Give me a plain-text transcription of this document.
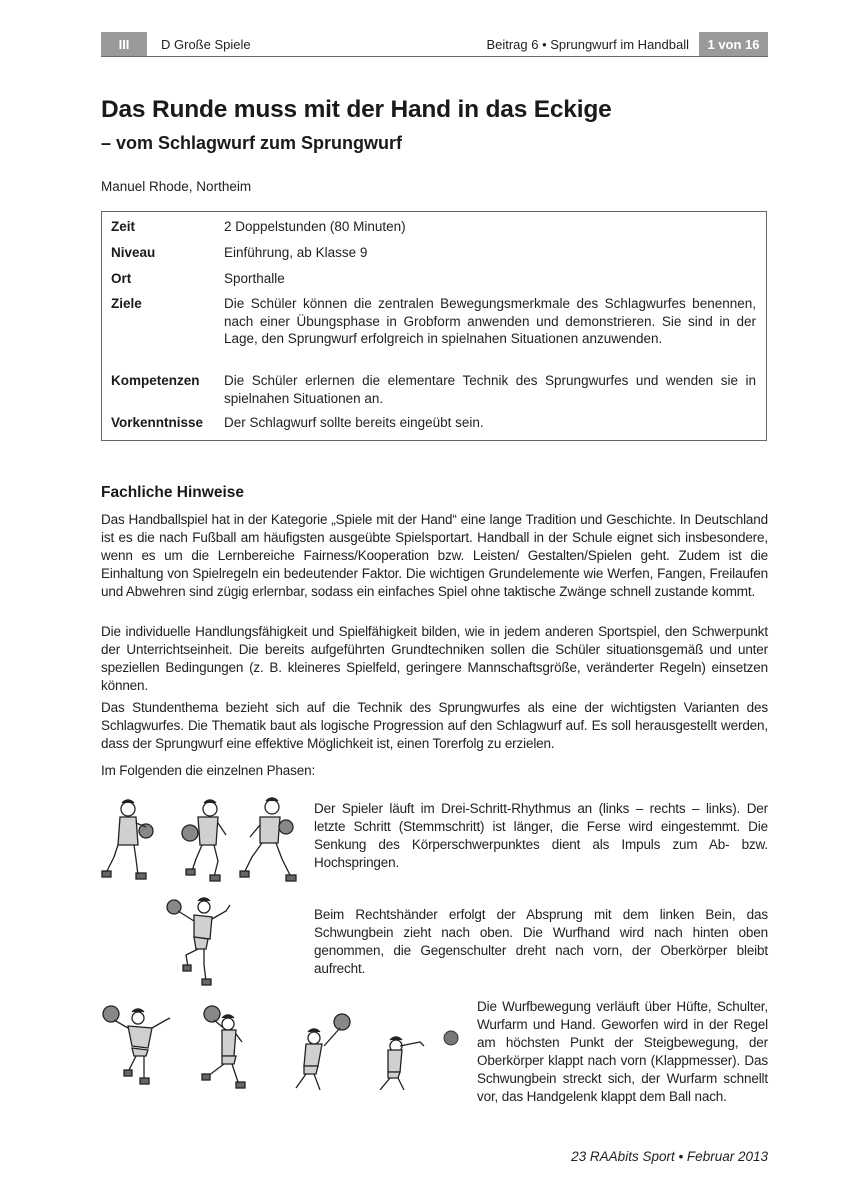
III	D Große Spiele	Beitrag 6 • Sprungwurf im Handball	1 von 16
Das Runde muss mit der Hand in das Eckige
– vom Schlagwurf zum Sprungwurf
Manuel Rhode, Northeim
Zeit	2 Doppelstunden (80 Minuten)
Niveau	Einführung, ab Klasse 9
Ort	Sporthalle
Ziele	Die Schüler können die zentralen Bewegungsmerkmale des Schlagwurfes benennen, nach einer Übungsphase in Grobform anwenden und demonstrieren. Sie sind in der Lage, den Sprungwurf erfolgreich in spielnahen Situationen anzuwenden.
Kompetenzen	Die Schüler erlernen die elementare Technik des Sprungwurfes und wenden sie in spielnahen Situationen an.
Vorkenntnisse	Der Schlagwurf sollte bereits eingeübt sein.
Fachliche Hinweise

Das Handballspiel hat in der Kategorie „Spiele mit der Hand“ eine lange Tradition und Geschichte. In Deutschland ist es die nach Fußball am häufigsten ausgeübte Spielsportart. Handball in der Schule eignet sich insbesondere, wenn es um die Lernbereiche Fairness/Kooperation bzw. Leisten/ Gestalten/Spielen geht. Zudem ist die Einhaltung von Spielregeln ein bedeutender Faktor. Die wichtigen Grundelemente wie Werfen, Fangen, Freilaufen und Abwehren sind zügig erlernbar, sodass ein einfaches Spiel ohne taktische Zwänge schnell zustande kommt.

Die individuelle Handlungsfähigkeit und Spielfähigkeit bilden, wie in jedem anderen Sportspiel, den Schwerpunkt der Unterrichtseinheit. Die bereits aufgeführten Grundtechniken sollen die Schüler situationsgemäß und unter speziellen Bedingungen (z. B. kleineres Spielfeld, geringere Mannschaftsgröße, veränderter Regeln) einsetzen können.

Das Stundenthema bezieht sich auf die Technik des Sprungwurfes als eine der wichtigsten Varianten des Schlagwurfes. Die Thematik baut als logische Progression auf den Schlagwurf auf. Es soll herausgestellt werden, dass der Sprungwurf eine effektive Möglichkeit ist, einen Torerfolg zu erzielen.

Im Folgenden die einzelnen Phasen:

Der Spieler läuft im Drei-Schritt-Rhythmus an (links – rechts – links). Der letzte Schritt (Stemmschritt) ist länger, die Ferse wird eingestemmt. Die Senkung des Körperschwerpunktes dient als Impuls zum Ab- bzw. Hochspringen.

Beim Rechtshänder erfolgt der Absprung mit dem linken Bein, das Schwungbein zieht nach oben. Die Wurfhand wird nach hinten oben genommen, die Gegenschulter dreht nach vorn, der Oberkörper bleibt aufrecht.

Die Wurfbewegung verläuft über Hüfte, Schulter, Wurfarm und Hand. Geworfen wird in der Regel am höchsten Punkt der Steigbewegung, der Oberkörper klappt nach vorn (Klappmesser). Das Schwungbein streckt sich, der Wurfarm schnellt vor, das Handgelenk klappt dem Ball nach.

23 RAAbits Sport • Februar 2013
